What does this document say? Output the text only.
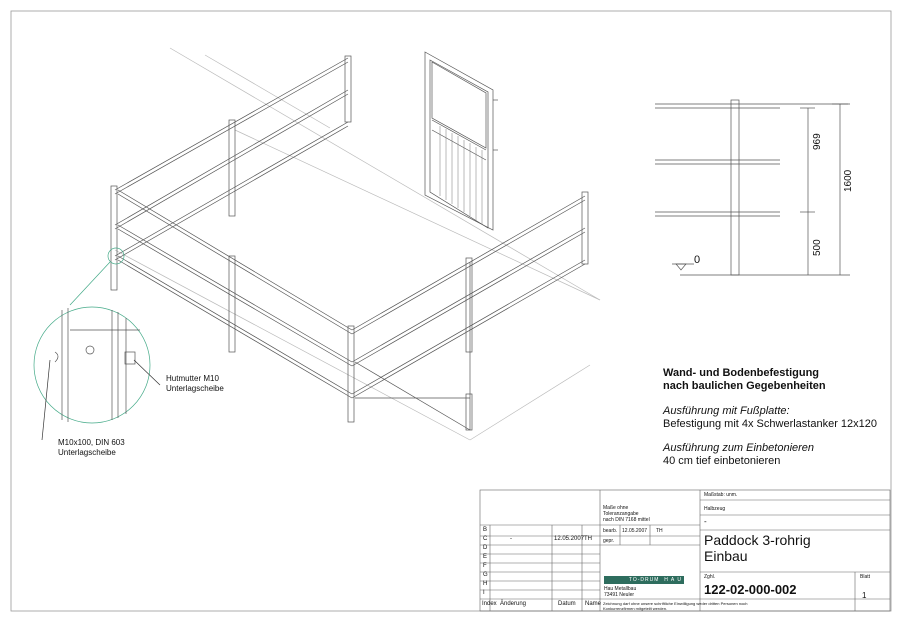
Hutmutter M10
Unterlagscheibe
M10x100, DIN 603
Unterlagscheibe
969
1600
500
0
Wand- und Bodenbefestigung
nach baulichen Gegebenheiten
Ausführung mit Fußplatte:
Befestigung mit 4x Schwerlastanker 12x120
Ausführung zum Einbetonieren
40 cm tief einbetonieren
Maße ohne
Toleranzangabe
nach DIN 7168 mittel
Maßstab: unm.
Halbzeug
-
bearb. 12.05.2007 TH
gepr.	Paddock 3-rohrig
Einbau
Zghl.
122-02-000-002
Blatt
1
TO-DRUM H A U
Hau Metallbau
73491 Neuler
Zeichnung darf ohne unsere schriftliche Einwilligung weder dritten Personen noch
Konkurrenzfirmen mitgeteilt werden.
B
C	-	12.05.2007 TH
D
E
F
G
H
I
Index Änderung	Datum Name
